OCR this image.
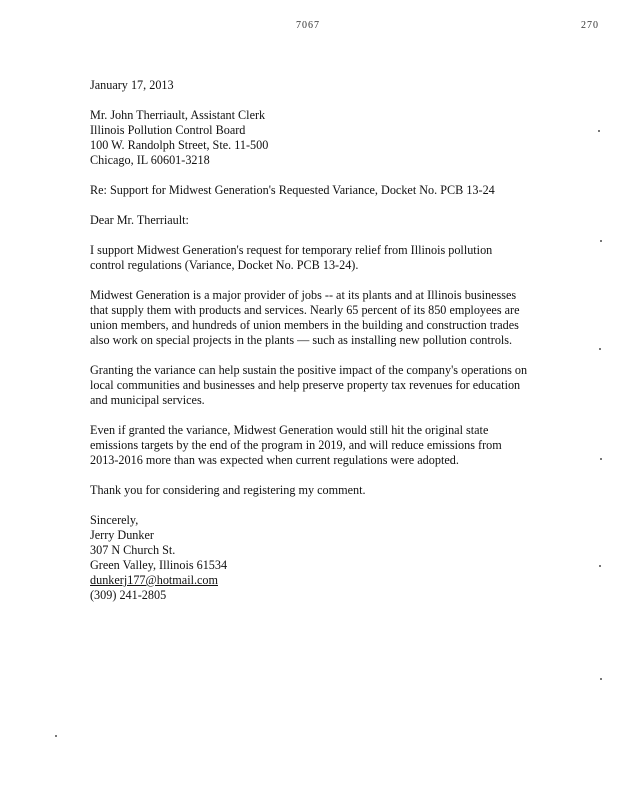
7067	270

January 17, 2013

Mr. John Therriault, Assistant Clerk
Illinois Pollution Control Board
100 W. Randolph Street, Ste. 11-500
Chicago, IL 60601-3218

Re: Support for Midwest Generation's Requested Variance, Docket No. PCB 13-24

Dear Mr. Therriault:

I support Midwest Generation's request for temporary relief from Illinois pollution
control regulations (Variance, Docket No. PCB 13-24).
Midwest Generation is a major provider of jobs -- at its plants and at Illinois businesses
that supply them with products and services. Nearly 65 percent of its 850 employees are
union members, and hundreds of union members in the building and construction trades
also work on special projects in the plants — such as installing new pollution controls.
Granting the variance can help sustain the positive impact of the company's operations on
local communities and businesses and help preserve property tax revenues for education
and municipal services.
Even if granted the variance, Midwest Generation would still hit the original state
emissions targets by the end of the program in 2019, and will reduce emissions from
2013-2016 more than was expected when current regulations were adopted.
Thank you for considering and registering my comment.

Sincerely,

Jerry Dunker
307 N Church St.
Green Valley, Illinois 61534
dunkerj177@hotmail.com
(309) 241-2805
